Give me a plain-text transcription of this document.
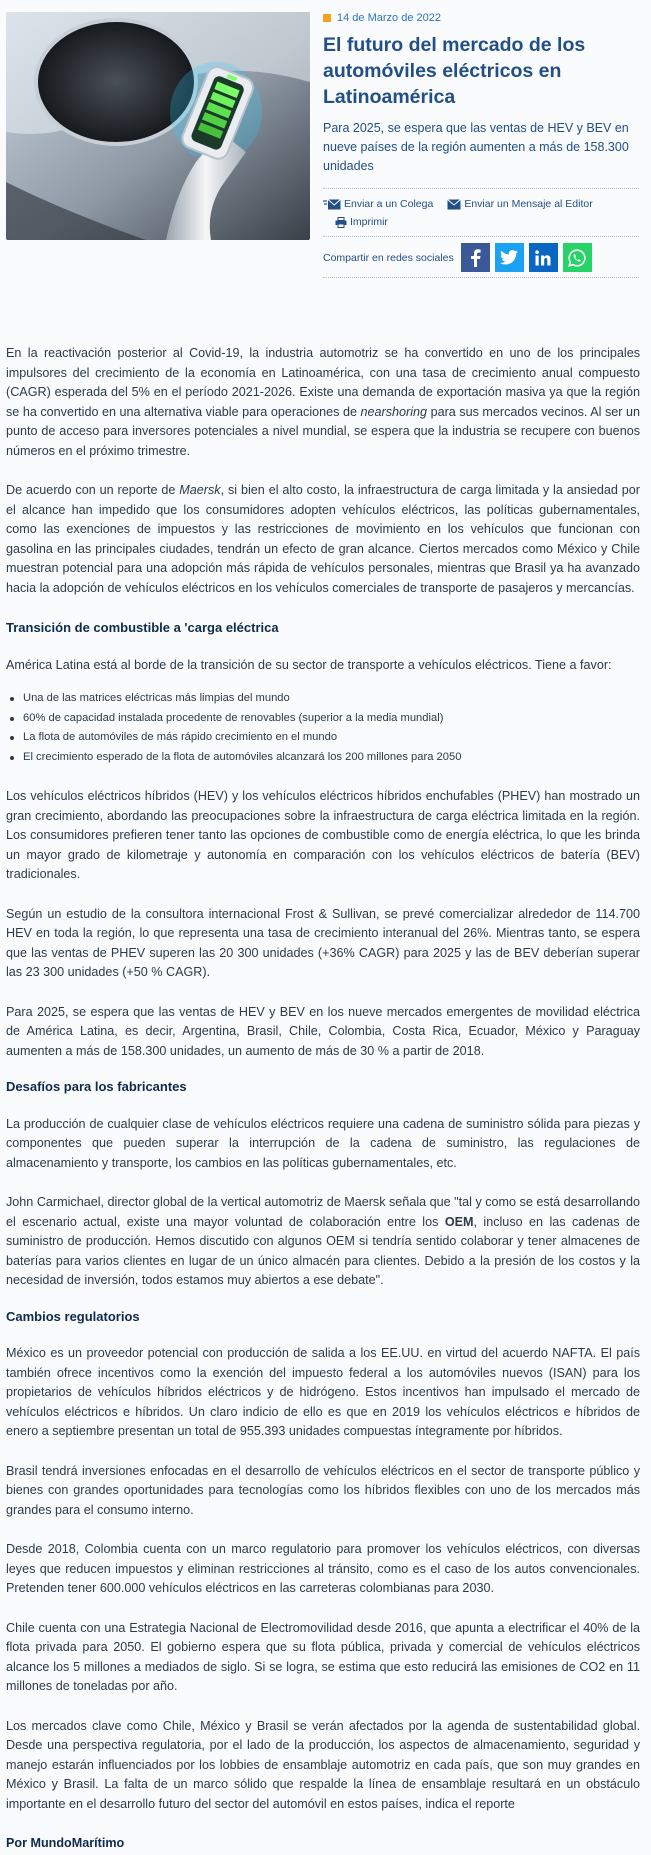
14 de Marzo de 2022
El futuro del mercado de los automóviles eléctricos en Latinoamérica

Para 2025, se espera que las ventas de HEV y BEV en nueve países de la región aumenten a más de 158.300 unidades

Enviar a un Colega	Enviar un Mensaje al Editor
Imprimir
Compartir en redes sociales

En la reactivación posterior al Covid-19, la industria automotriz se ha convertido en uno de los principales impulsores del crecimiento de la economía en Latinoamérica, con una tasa de crecimiento anual compuesto (CAGR) esperada del 5% en el período 2021-2026. Existe una demanda de exportación masiva ya que la región se ha convertido en una alternativa viable para operaciones de nearshoring para sus mercados vecinos. Al ser un punto de acceso para inversores potenciales a nivel mundial, se espera que la industria se recupere con buenos números en el próximo trimestre.

De acuerdo con un reporte de Maersk, si bien el alto costo, la infraestructura de carga limitada y la ansiedad por el alcance han impedido que los consumidores adopten vehículos eléctricos, las políticas gubernamentales, como las exenciones de impuestos y las restricciones de movimiento en los vehículos que funcionan con gasolina en las principales ciudades, tendrán un efecto de gran alcance. Ciertos mercados como México y Chile muestran potencial para una adopción más rápida de vehículos personales, mientras que Brasil ya ha avanzado hacia la adopción de vehículos eléctricos en los vehículos comerciales de transporte de pasajeros y mercancías.

Transición de combustible a 'carga eléctrica

América Latina está al borde de la transición de su sector de transporte a vehículos eléctricos. Tiene a favor:

Una de las matrices eléctricas más limpias del mundo
60% de capacidad instalada procedente de renovables (superior a la media mundial)
La flota de automóviles de más rápido crecimiento en el mundo
El crecimiento esperado de la flota de automóviles alcanzará los 200 millones para 2050

Los vehículos eléctricos híbridos (HEV) y los vehículos eléctricos híbridos enchufables (PHEV) han mostrado un gran crecimiento, abordando las preocupaciones sobre la infraestructura de carga eléctrica limitada en la región. Los consumidores prefieren tener tanto las opciones de combustible como de energía eléctrica, lo que les brinda un mayor grado de kilometraje y autonomía en comparación con los vehículos eléctricos de batería (BEV) tradicionales.

Según un estudio de la consultora internacional Frost & Sullivan, se prevé comercializar alrededor de 114.700 HEV en toda la región, lo que representa una tasa de crecimiento interanual del 26%. Mientras tanto, se espera que las ventas de PHEV superen las 20 300 unidades (+36% CAGR) para 2025 y las de BEV deberían superar las 23 300 unidades (+50 % CAGR).

Para 2025, se espera que las ventas de HEV y BEV en los nueve mercados emergentes de movilidad eléctrica de América Latina, es decir, Argentina, Brasil, Chile, Colombia, Costa Rica, Ecuador, México y Paraguay aumenten a más de 158.300 unidades, un aumento de más de 30 % a partir de 2018.

Desafíos para los fabricantes

La producción de cualquier clase de vehículos eléctricos requiere una cadena de suministro sólida para piezas y componentes que pueden superar la interrupción de la cadena de suministro, las regulaciones de almacenamiento y transporte, los cambios en las políticas gubernamentales, etc.

John Carmichael, director global de la vertical automotriz de Maersk señala que "tal y como se está desarrollando el escenario actual, existe una mayor voluntad de colaboración entre los OEM, incluso en las cadenas de suministro de producción. Hemos discutido con algunos OEM si tendría sentido colaborar y tener almacenes de baterías para varios clientes en lugar de un único almacén para clientes. Debido a la presión de los costos y la necesidad de inversión, todos estamos muy abiertos a ese debate".

Cambios regulatorios

México es un proveedor potencial con producción de salida a los EE.UU. en virtud del acuerdo NAFTA. El país también ofrece incentivos como la exención del impuesto federal a los automóviles nuevos (ISAN) para los propietarios de vehículos híbridos eléctricos y de hidrógeno. Estos incentivos han impulsado el mercado de vehículos eléctricos e híbridos. Un claro indicio de ello es que en 2019 los vehículos eléctricos e híbridos de enero a septiembre presentan un total de 955.393 unidades compuestas íntegramente por híbridos.

Brasil tendrá inversiones enfocadas en el desarrollo de vehículos eléctricos en el sector de transporte público y bienes con grandes oportunidades para tecnologías como los híbridos flexibles con uno de los mercados más grandes para el consumo interno.

Desde 2018, Colombia cuenta con un marco regulatorio para promover los vehículos eléctricos, con diversas leyes que reducen impuestos y eliminan restricciones al tránsito, como es el caso de los autos convencionales. Pretenden tener 600.000 vehículos eléctricos en las carreteras colombianas para 2030.

Chile cuenta con una Estrategia Nacional de Electromovilidad desde 2016, que apunta a electrificar el 40% de la flota privada para 2050. El gobierno espera que su flota pública, privada y comercial de vehículos eléctricos alcance los 5 millones a mediados de siglo. Si se logra, se estima que esto reducirá las emisiones de CO2 en 11 millones de toneladas por año.

Los mercados clave como Chile, México y Brasil se verán afectados por la agenda de sustentabilidad global. Desde una perspectiva regulatoria, por el lado de la producción, los aspectos de almacenamiento, seguridad y manejo estarán influenciados por los lobbies de ensamblaje automotriz en cada país, que son muy grandes en México y Brasil. La falta de un marco sólido que respalde la línea de ensamblaje resultará en un obstáculo importante en el desarrollo futuro del sector del automóvil en estos países, indica el reporte

Por MundoMarítimo
